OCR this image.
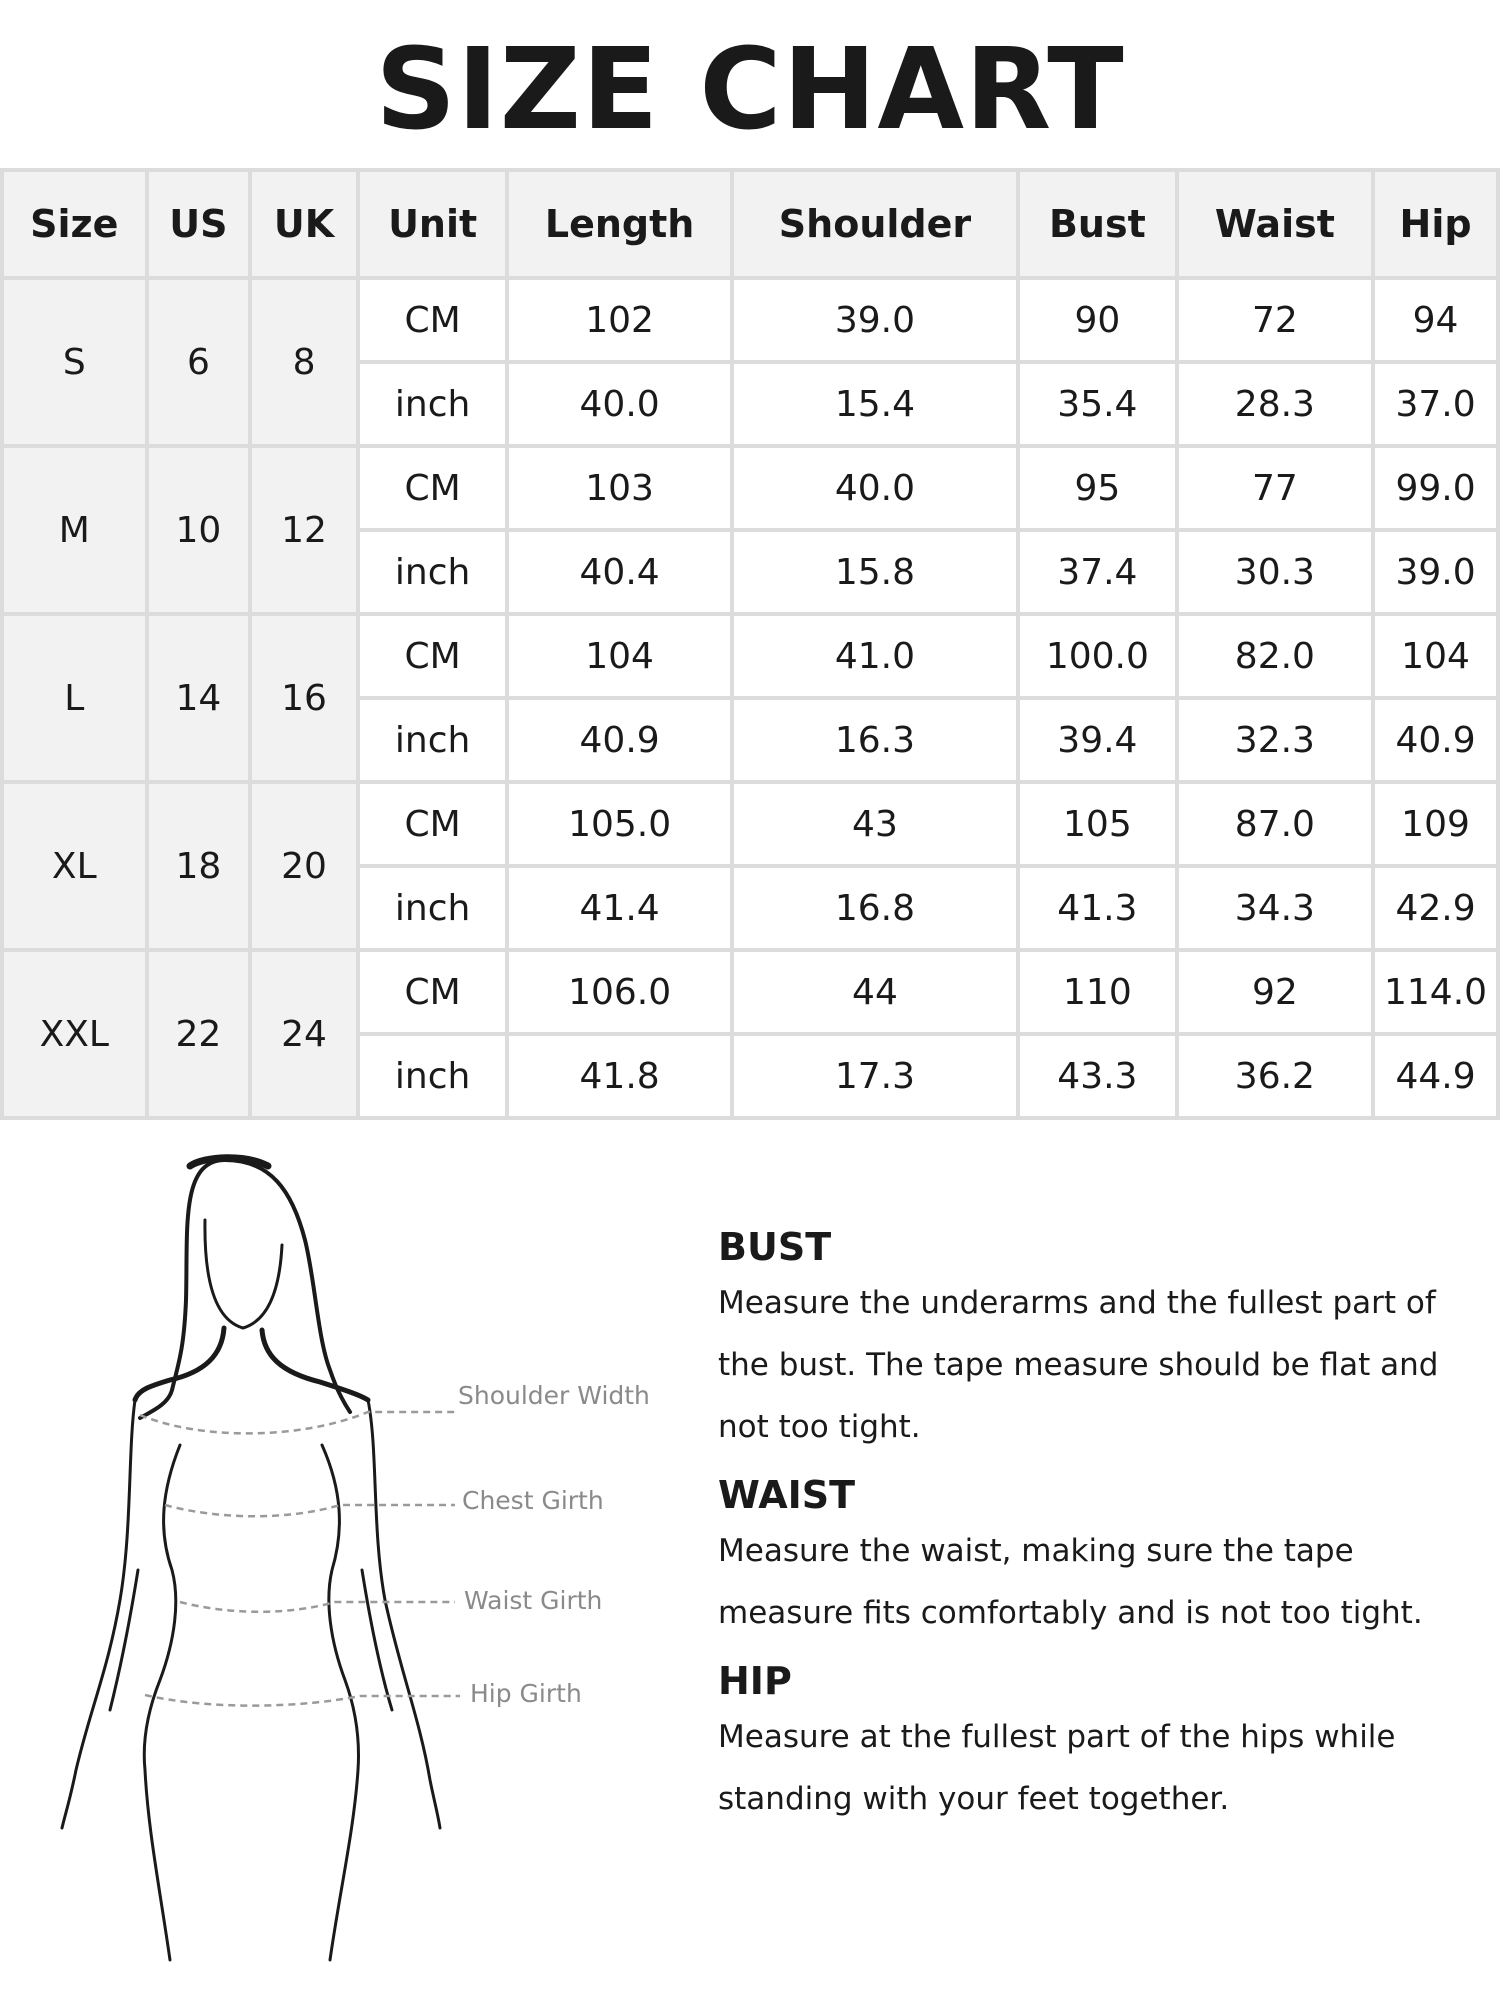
SIZE CHART
Size	US	UK	Unit	Length	Shoulder	Bust	Waist	Hip
S	6	8	CM	102	39.0	90	72	94
			inch	40.0	15.4	35.4	28.3	37.0
M	10	12	CM	103	40.0	95	77	99.0
			inch	40.4	15.8	37.4	30.3	39.0
L	14	16	CM	104	41.0	100.0	82.0	104
			inch	40.9	16.3	39.4	32.3	40.9
XL	18	20	CM	105.0	43	105	87.0	109
			inch	41.4	16.8	41.3	34.3	42.9
XXL	22	24	CM	106.0	44	110	92	114.0
			inch	41.8	17.3	43.3	36.2	44.9
Shoulder Width
Chest Girth
Waist Girth
Hip Girth

BUST

Measure the underarms and the fullest part of the bust. The tape measure should be flat and not too tight.

WAIST

Measure the waist, making sure the tape measure fits comfortably and is not too tight.

HIP

Measure at the fullest part of the hips while standing with your feet together.
